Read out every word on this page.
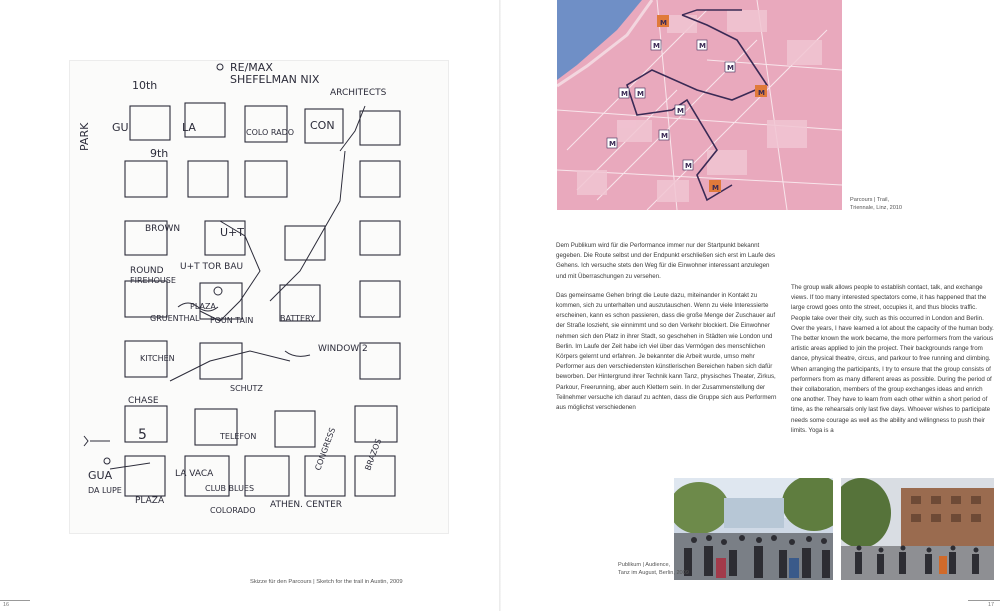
10th
RE/MAX
SHEFELMAN NIX
ARCHITECTS
PARK GU	LA	COLO RADO
CON
9th
BROWN	U+T
ROUND
FIREHOUSE
U+T TOR BAU
GRUENTHAL
PLAZA
FOUN TAIN
KITCHEN
WINDOW 2
BATTERY
SCHUTZ
CHASE
5	TELEFON
GUA
DA LUPE
PLAZA
LA VACA
CLUB BLUES
COLORADO
CONGRESS	BRAZOS
ATHEN. CENTER
Skizze für den Parcours | Sketch for the trail in Austin, 2009
16
M
M
M
M
M
M M
M
M
M
M
M
Parcours | Trail,
Triennale, Linz, 2010

Dem Publikum wird für die Performance immer nur der Startpunkt bekannt gegeben. Die Route selbst und der Endpunkt erschließen sich erst im Laufe des Gehens. Ich versuche stets den Weg für die Einwohner interessant anzulegen und mit Überraschungen zu versehen.

Das gemeinsame Gehen bringt die Leute dazu, miteinander in Kontakt zu kommen, sich zu unterhalten und auszutauschen. Wenn zu viele Interessierte erscheinen, kann es schon passieren, dass die große Menge der Zuschauer auf der Straße loszieht, sie einnimmt und so den Verkehr blockiert. Die Einwohner nehmen sich den Platz in ihrer Stadt, so geschehen in Städten wie London und Berlin. Im Laufe der Zeit habe ich viel über das Vermögen des menschlichen Körpers gelernt und erfahren. Je bekannter die Arbeit wurde, umso mehr Performer aus den verschiedensten künstlerischen Bereichen haben sich dafür beworben. Der Hintergrund ihrer Technik kann Tanz, physisches Theater, Zirkus, Parkour, Freerunning, aber auch Klettern sein. In der Zusammenstellung der Teilnehmer versuche ich darauf zu achten, dass die Gruppe sich aus Performern aus möglichst verschiedenen

The group walk allows people to establish contact, talk, and exchange views. If too many interested spectators come, it has happened that the large crowd goes onto the street, occupies it, and thus blocks traffic. People take over their city, such as this occurred in London and Berlin. Over the years, I have learned a lot about the capacity of the human body. The better known the work became, the more performers from the various artistic areas applied to join the project. Their backgrounds range from dance, physical theatre, circus, and parkour to free running and climbing. When arranging the participants, I try to ensure that the group consists of performers from as many different areas as possible. During the period of their collaboration, members of the group exchanges ideas and enrich one another. They have to learn from each other within a short period of time, as the rehearsals only last five days. Whoever wishes to participate needs some courage as well as the ability and willingness to push their limits. Yoga is a

Publikum | Audience,
Tanz im August, Berlin, 2009
17
